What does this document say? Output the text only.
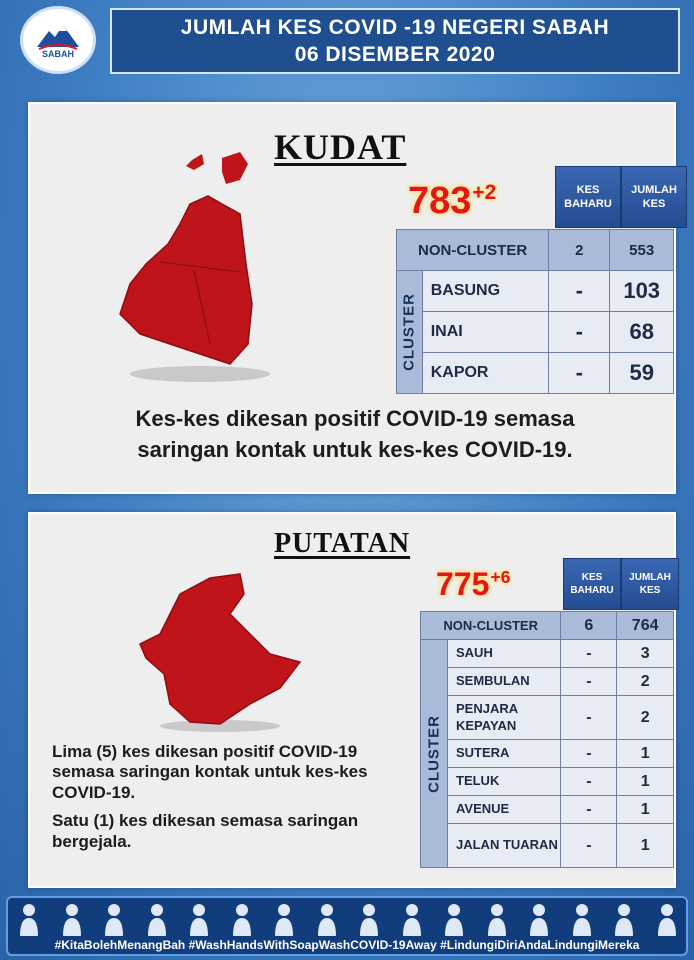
SABAH
JUMLAH KES COVID -19 NEGERI SABAH
06 DISEMBER 2020
KUDAT
$783^{+2}$	KES BAHARU
JUMLAH KES
NON-CLUSTER		2	553

CLUSTER	BASUNG	-	103
	INAI	-	68
	KAPOR	-	59
Kes-kes dikesan positif COVID-19 semasa
saringan kontak untuk kes-kes COVID-19.
PUTATAN
$775^{+6}$	KES BAHARU
JUMLAH KES
NON-CLUSTER		6	764

CLUSTER	SAUH	-	3
	SEMBULAN	-	2
	PENJARA KEPAYAN	-	2
	SUTERA	-	1
	TELUK	-	1
	AVENUE	-	1
	JALAN TUARAN	-	1

Lima (5) kes dikesan positif COVID-19 semasa saringan kontak untuk kes-kes COVID-19.

Satu (1) kes dikesan semasa saringan bergejala.

#KitaBolehMenangBah #WashHandsWithSoapWashCOVID-19Away #LindungiDiriAndaLindungiMereka
